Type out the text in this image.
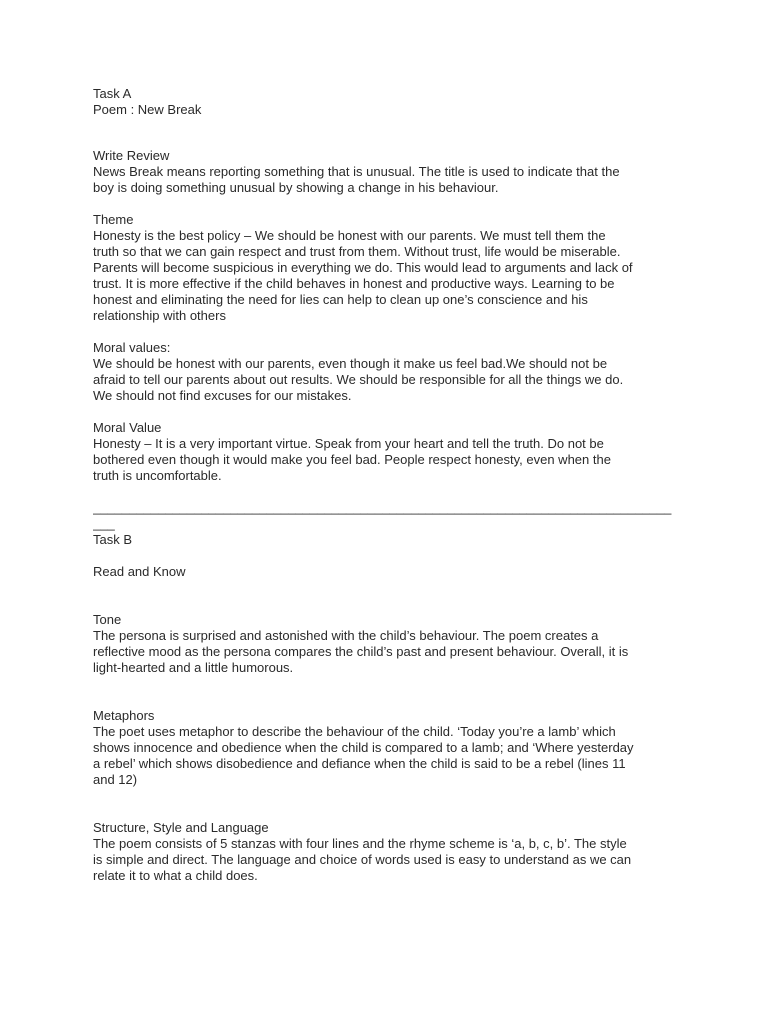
Task A
Poem : New Break
Write Review
News Break means reporting something that is unusual. The title is used to indicate that the
boy is doing something unusual by showing a change in his behaviour.
Theme
Honesty is the best policy – We should be honest with our parents. We must tell them the
truth so that we can gain respect and trust from them. Without trust, life would be miserable.
Parents will become suspicious in everything we do. This would lead to arguments and lack of
trust. It is more effective if the child behaves in honest and productive ways. Learning to be
honest and eliminating the need for lies can help to clean up one’s conscience and his
relationship with others
Moral values:
We should be honest with our parents, even though it make us feel bad.We should not be
afraid to tell our parents about out results. We should be responsible for all the things we do.
We should not find excuses for our mistakes.
Moral Value
Honesty – It is a very important virtue. Speak from your heart and tell the truth. Do not be
bothered even though it would make you feel bad. People respect honesty, even when the
truth is uncomfortable.
________________________________________________________________________________
___
Task B
Read and Know
Tone
The persona is surprised and astonished with the child’s behaviour. The poem creates a
reflective mood as the persona compares the child’s past and present behaviour. Overall, it is
light-hearted and a little humorous.
Metaphors
The poet uses metaphor to describe the behaviour of the child. ‘Today you’re a lamb’ which
shows innocence and obedience when the child is compared to a lamb; and ‘Where yesterday
a rebel’ which shows disobedience and defiance when the child is said to be a rebel (lines 11
and 12)
Structure, Style and Language
The poem consists of 5 stanzas with four lines and the rhyme scheme is ‘a, b, c, b’. The style
is simple and direct. The language and choice of words used is easy to understand as we can
relate it to what a child does.
